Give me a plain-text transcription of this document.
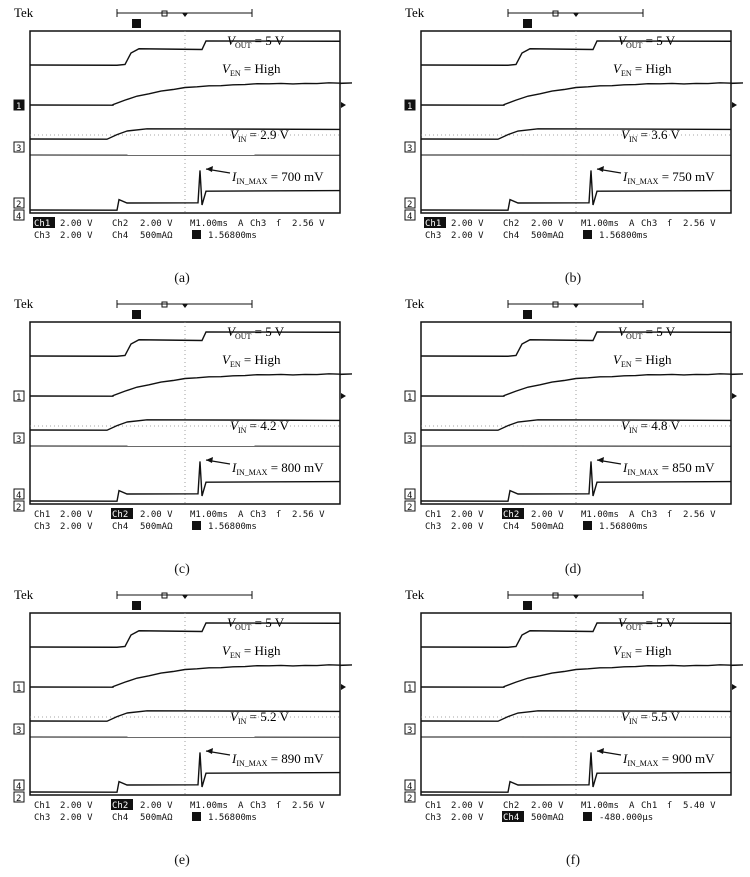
Tek
$V_{OUT} = 5$ V
$V_{EN}$ = High
$V_{IN} = 2.9$ V
$I_{IN\_MAX} = 700$ mV
1
3
2
4
Ch1 2.00 V Ch2 2.00 V M1.00ms A Ch3 ſ 2.56 V
Ch3 2.00 V Ch4 500mAΩ	1.56800ms
(a)
Tek
$V_{OUT} = 5$ V
$V_{EN}$ = High
$V_{IN} = 3.6$ V
$I_{IN\_MAX} = 750$ mV
1
3
2
4
Ch1 2.00 V Ch2 2.00 V M1.00ms A Ch3 ſ 2.56 V
Ch3 2.00 V Ch4 500mAΩ	1.56800ms
(b)
Tek
$V_{OUT} = 5$ V
$V_{EN}$ = High
$V_{IN} = 4.2$ V
$I_{IN\_MAX} = 800$ mV
1
3
4
2
Ch1 2.00 V Ch2 2.00 V M1.00ms A Ch3 ſ 2.56 V
Ch3 2.00 V Ch4 500mAΩ	1.56800ms
(c)
Tek
$V_{OUT} = 5$ V
$V_{EN}$ = High
$V_{IN} = 4.8$ V
$I_{IN\_MAX} = 850$ mV
1
3
4
2
Ch1 2.00 V Ch2 2.00 V M1.00ms A Ch3 ſ 2.56 V
Ch3 2.00 V Ch4 500mAΩ	1.56800ms
(d)
Tek
$V_{OUT} = 5$ V
$V_{EN}$ = High
$V_{IN} = 5.2$ V
$I_{IN\_MAX} = 890$ mV
1
3
4
2
Ch1 2.00 V Ch2 2.00 V M1.00ms A Ch3 ſ 2.56 V
Ch3 2.00 V Ch4 500mAΩ	1.56800ms
(e)
Tek
$V_{OUT} = 5$ V
$V_{EN}$ = High
$V_{IN} = 5.5$ V
$I_{IN\_MAX} = 900$ mV
1
3
4
2
Ch1 2.00 V Ch2 2.00 V M1.00ms A Ch1 ſ 5.40 V
Ch3 2.00 V Ch4 500mAΩ	-480.000μs
(f)
